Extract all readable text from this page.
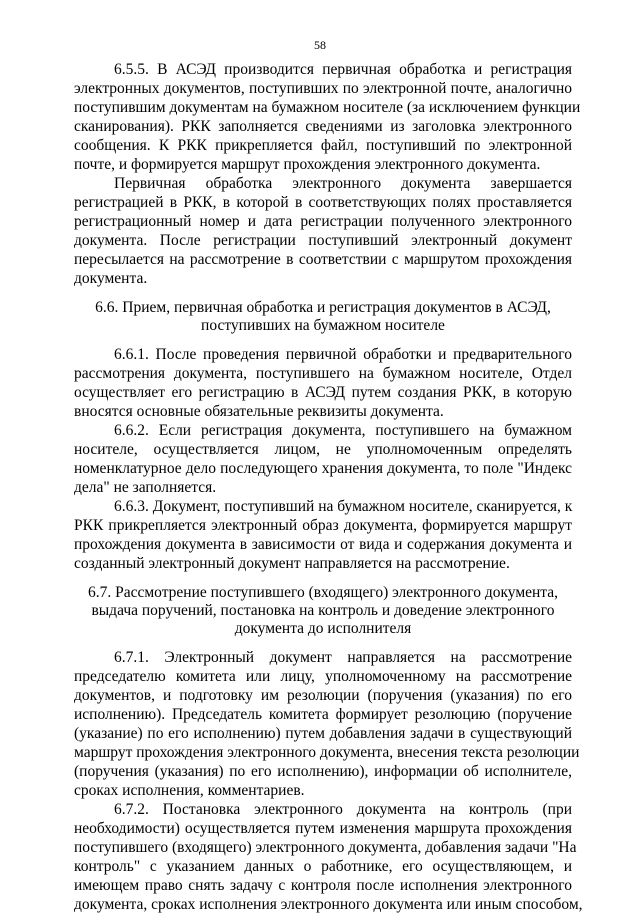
58
6.5.5. В АСЭД производится первичная обработка и регистрация
электронных документов, поступивших по электронной почте, аналогично
поступившим документам на бумажном носителе (за исключением функции
сканирования). РКК заполняется сведениями из заголовка электронного
сообщения. К РКК прикрепляется файл, поступивший по электронной
почте, и формируется маршрут прохождения электронного документа.
Первичная обработка электронного документа завершается
регистрацией в РКК, в которой в соответствующих полях проставляется
регистрационный номер и дата регистрации полученного электронного
документа. После регистрации поступивший электронный документ
пересылается на рассмотрение в соответствии с маршрутом прохождения
документа.
6.6. Прием, первичная обработка и регистрация документов в АСЭД,
поступивших на бумажном носителе
6.6.1. После проведения первичной обработки и предварительного
рассмотрения документа, поступившего на бумажном носителе, Отдел
осуществляет его регистрацию в АСЭД путем создания РКК, в которую
вносятся основные обязательные реквизиты документа.
6.6.2. Если регистрация документа, поступившего на бумажном
носителе, осуществляется лицом, не уполномоченным определять
номенклатурное дело последующего хранения документа, то поле "Индекс
дела" не заполняется.
6.6.3. Документ, поступивший на бумажном носителе, сканируется, к
РКК прикрепляется электронный образ документа, формируется маршрут
прохождения документа в зависимости от вида и содержания документа и
созданный электронный документ направляется на рассмотрение.
6.7. Рассмотрение поступившего (входящего) электронного документа,
выдача поручений, постановка на контроль и доведение электронного
документа до исполнителя
6.7.1. Электронный документ направляется на рассмотрение
председателю комитета или лицу, уполномоченному на рассмотрение
документов, и подготовку им резолюции (поручения (указания) по его
исполнению). Председатель комитета формирует резолюцию (поручение
(указание) по его исполнению) путем добавления задачи в существующий
маршрут прохождения электронного документа, внесения текста резолюции
(поручения (указания) по его исполнению), информации об исполнителе,
сроках исполнения, комментариев.
6.7.2. Постановка электронного документа на контроль (при
необходимости) осуществляется путем изменения маршрута прохождения
поступившего (входящего) электронного документа, добавления задачи "На
контроль" с указанием данных о работнике, его осуществляющем, и
имеющем право снять задачу с контроля после исполнения электронного
документа, сроках исполнения электронного документа или иным способом,
